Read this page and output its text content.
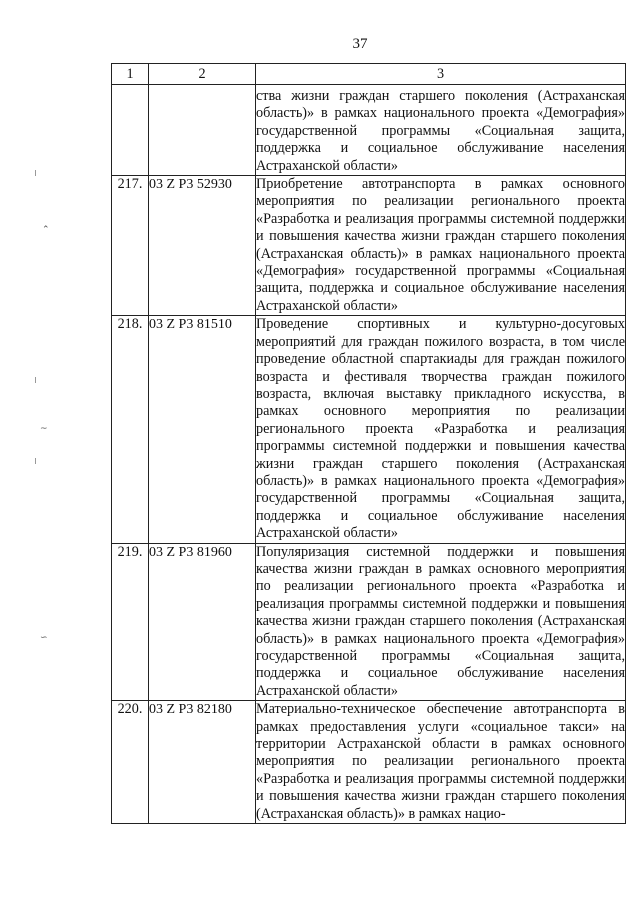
37
⌃
~
∽
1	2	3
		ства жизни граждан старшего поколения (Астраханская область)» в рамках национального проекта «Демография» государственной программы «Социальная защита, поддержка и социальное обслуживание населения Астраханской области»
217.	03 Z P3 52930	Приобретение автотранспорта в рамках основного мероприятия по реализации регионального проекта «Разработка и реализация программы системной поддержки и повышения качества жизни граждан старшего поколения (Астраханская область)» в рамках национального проекта «Демография» государственной программы «Социальная защита, поддержка и социальное обслуживание населения Астраханской области»
218.	03 Z P3 81510	Проведение спортивных и культурно-досуговых мероприятий для граждан пожилого возраста, в том числе проведение областной спартакиады для граждан пожилого возраста и фестиваля творчества граждан пожилого возраста, включая выставку прикладного искусства, в рамках основного мероприятия по реализации регионального проекта «Разработка и реализация программы системной поддержки и повышения качества жизни граждан старшего поколения (Астраханская область)» в рамках национального проекта «Демография» государственной программы «Социальная защита, поддержка и социальное обслуживание населения Астраханской области»
219.	03 Z P3 81960	Популяризация системной поддержки и повышения качества жизни граждан в рамках основного мероприятия по реализации регионального проекта «Разработка и реализация программы системной поддержки и повышения качества жизни граждан старшего поколения (Астраханская область)» в рамках национального проекта «Демография» государственной программы «Социальная защита, поддержка и социальное обслуживание населения Астраханской области»
220.	03 Z P3 82180	Материально-техническое обеспечение автотранспорта в рамках предоставления услуги «социальное такси» на территории Астраханской области в рамках основного мероприятия по реализации регионального проекта «Разработка и реализация программы системной поддержки и повышения качества жизни граждан старшего поколения (Астраханская область)» в рамках нацио-
